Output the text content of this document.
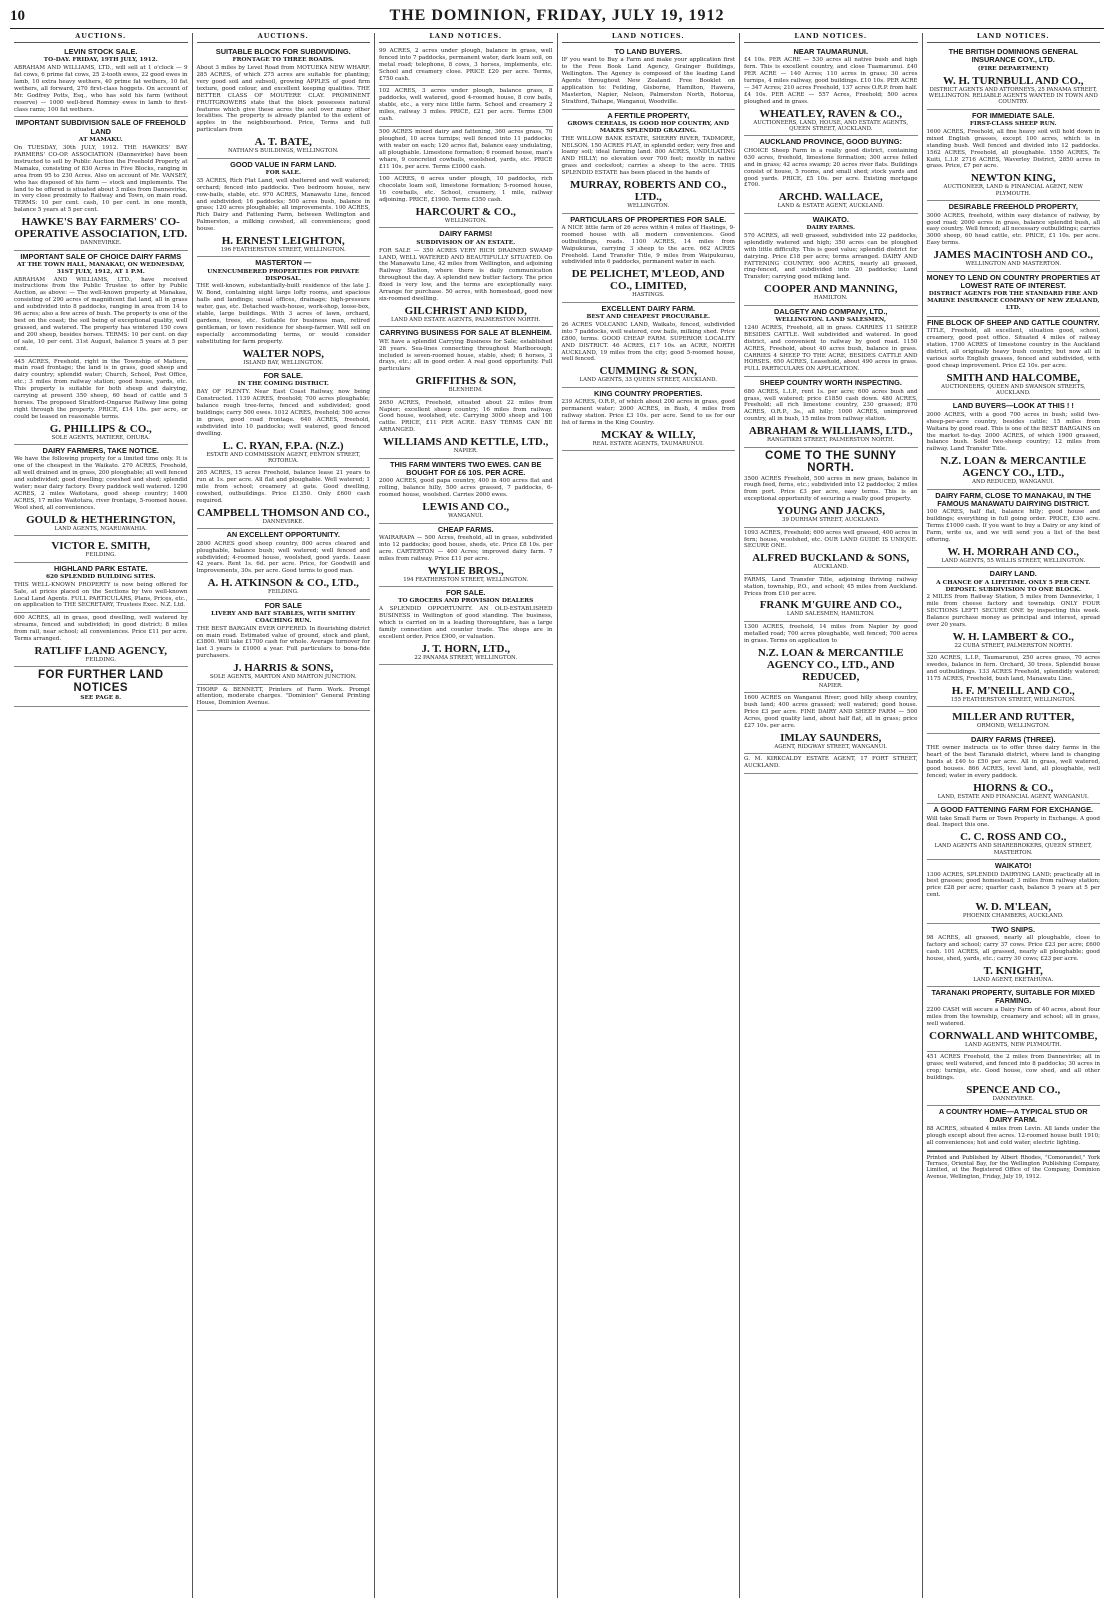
10	THE DOMINION, FRIDAY, JULY 19, 1912
AUCTIONS.
LEVIN STOCK SALE.
TO-DAY. FRIDAY, 19TH JULY, 1912.

ABRAHAM AND WILLIAMS, LTD., will sell at 1 o'clock — 9 fat cows, 6 prime fat cows, 25 2-tooth ewes, 22 good ewes in lamb, 10 extra heavy wethers, 40 prime fat wethers, 10 fat wethers, all forward, 270 first-class hoggets. On account of Mr. Godfrey Potts, Esq., who has sold his farm (without reserve) — 1000 well-bred Romney ewes in lamb to first-class rams; 100 fat wethers.

IMPORTANT SUBDIVISION SALE OF FREEHOLD LAND
AT MAMAKU.

On TUESDAY, 30th JULY, 1912. THE HAWKES' BAY FARMERS' CO-OP. ASSOCIATION (Dannevirke) have been instructed to sell by Public Auction the Freehold Property at Mamaku, consisting of 830 Acres in Five Blocks, ranging in area from 95 to 230 Acres. Also on account of Mr. VANSEY, who has disposed of his farm — stock and implements. The land to be offered is situated about 3 miles from Dannevirke, in very close proximity to Railway and Town, on main road. TERMS: 10 per cent. cash, 10 per cent. in one month, balance 5 years at 5 per cent.

HAWKE'S BAY FARMERS' CO-OPERATIVE ASSOCIATION, LTD.
DANNEVIRKE.
IMPORTANT SALE OF CHOICE DAIRY FARMS
AT THE TOWN HALL, MANAKAU, ON WEDNESDAY, 31ST JULY, 1912, AT 1 P.M.

ABRAHAM AND WILLIAMS, LTD., have received instructions from the Public Trustee to offer by Public Auction, as above: — The well-known property at Manakau, consisting of 290 acres of magnificent flat land, all in grass and subdivided into 8 paddocks, ranging in area from 14 to 96 acres; also a few acres of bush. The property is one of the best on the coast; the soil being of exceptional quality, well grassed, and watered. The property has wintered 150 cows and 200 sheep, besides horses. TERMS: 10 per cent. on day of sale, 10 per cent. 31st August, balance 5 years at 5 per cent.

445 ACRES, Freehold, right in the Township of Matiere, main road frontage; the land is in grass, good sheep and dairy country; splendid water; Church, School, Post Office, etc.; 3 miles from railway station; good house, yards, etc. This property is suitable for both sheep and dairying, carrying at present 350 sheep, 60 head of cattle and 5 horses. The proposed Stratford-Ongarue Railway line going right through the property. PRICE, £14 10s. per acre, or could be leased on reasonable terms.

G. PHILLIPS & CO.,
SOLE AGENTS, MATIERE, OHURA.
DAIRY FARMERS, TAKE NOTICE.

We have the following property for a limited time only. It is one of the cheapest in the Waikato. 270 ACRES, Freehold, all well drained and in grass, 200 ploughable; all well fenced and subdivided; good dwelling; cowshed and shed; splendid water; near dairy factory. Every paddock well watered. 1290 ACRES, 2 miles Waitotara, good sheep country; 1400 ACRES, 17 miles Waitotara, river frontage, 5-roomed house. Wool shed, all conveniences.

GOULD & HETHERINGTON,
LAND AGENTS, NGARUAWAHIA.
VICTOR E. SMITH,
FEILDING.
HIGHLAND PARK ESTATE.
620 SPLENDID BUILDING SITES.

THIS WELL-KNOWN PROPERTY is now being offered for Sale, at prices placed on the Sections by two well-known Local Land Agents. FULL PARTICULARS, Plans, Prices, etc., on application to THE SECRETARY, Trustees Exec. N.Z. Ltd.

600 ACRES, all in grass, good dwelling, well watered by streams, fenced and subdivided; in good district; 8 miles from rail, near school; all conveniences. Price £11 per acre. Terms arranged.

RATLIFF LAND AGENCY,
FEILDING.
FOR FURTHER LAND NOTICES
SEE PAGE 8.
AUCTIONS.
SUITABLE BLOCK FOR SUBDIVIDING.
FRONTAGE TO THREE ROADS.

About 3 miles by Level Road from MOTUEKA NEW WHARF. 285 ACRES, of which 275 acres are suitable for planting; very good soil and subsoil, growing APPLES of good firm texture, good colour, and excellent keeping qualities. THE BETTER CLASS OF MOUTERE CLAY. PROMINENT FRUITGROWERS state that the block possesses natural features which give these acres the soil over many other localities. The property is already planted to the extent of apples in the neighbourhood. Price, Terms and full particulars from

A. T. BATE,
NATHAN'S BUILDINGS, WELLINGTON.
GOOD VALUE IN FARM LAND.
FOR SALE.

35 ACRES, Rich Flat Land, well sheltered and well watered; orchard; fenced into paddocks. Two bedroom house, new cow-bails, stable, etc. 970 ACRES, Manawatu Line, fenced and subdivided; 16 paddocks; 500 acres bush, balance in grass; 120 acres ploughable; all improvements. 100 ACRES, Rich Dairy and Fattening Farm, between Wellington and Palmerston, a milking cowshed, all conveniences; good house.

H. ERNEST LEIGHTON,
196 FEATHERSTON STREET, WELLINGTON.
MASTERTON —
UNENCUMBERED PROPERTIES FOR PRIVATE DISPOSAL.

THE well-known, substantially-built residence of the late J. W. Bond, containing eight large lofty rooms, and spacious halls and landings; usual offices, drainage; high-pressure water, gas, etc. Detached wash-house, work-shop, loose-box, stable, large buildings. With 3 acres of lawn, orchard, gardens, trees, etc. Suitable for business man, retired gentleman, or town residence for sheep-farmer. Will sell on especially accommodating terms, or would consider substituting for farm property.

WALTER NOPS,
ISLAND BAY, WELLINGTON.
FOR SALE.
IN THE COMING DISTRICT.

BAY OF PLENTY. Near East Coast Railway, now being Constructed. 1139 ACRES, freehold; 700 acres ploughable; balance rough tree-ferns, fenced and subdivided; good buildings; carry 500 ewes. 1012 ACRES, freehold; 500 acres in grass, good road frontage. 640 ACRES, freehold, subdivided into 10 paddocks; well watered, good fenced dwelling.

L. C. RYAN, F.P.A. (N.Z.)
ESTATE AND COMMISSION AGENT, FENTON STREET, ROTORUA.

265 ACRES, 15 acres Freehold, balance lease 21 years to run at 1s. per acre. All flat and ploughable. Well watered; 1 mile from school; creamery at gate. Good dwelling, cowshed, outbuildings. Price £1350. Only £600 cash required.

CAMPBELL THOMSON AND CO.,
DANNEVIRKE.
AN EXCELLENT OPPORTUNITY.

2800 ACRES good sheep country, 800 acres cleared and ploughable, balance bush; well watered; well fenced and subdivided; 4-roomed house, woolshed, good yards. Lease 42 years. Rent 1s. 6d. per acre. Price, for Goodwill and Improvements, 30s. per acre. Good terms to good man.

A. H. ATKINSON & CO., LTD.,
FEILDING.
FOR SALE
LIVERY AND BAIT STABLES, WITH SMITHY COACHING RUN.

THE BEST BARGAIN EVER OFFERED. In flourishing district on main road. Estimated value of ground, stock and plant, £3800. Will take £1700 cash for whole. Average turnover for last 3 years is £1000 a year. Full particulars to bona-fide purchasers.

J. HARRIS & SONS,
SOLE AGENTS, MARTON AND MARTON JUNCTION.

THORP & BENNETT, Printers of Farm Work. Prompt attention, moderate charges. "Dominion" General Printing House, Dominion Avenue.

LAND NOTICES.

99 ACRES, 2 acres under plough, balance in grass, well fenced into 7 paddocks, permanent water, dark loam soil, on metal road; telephone, 8 cows, 3 horses, implements, etc. School and creamery close. PRICE £20 per acre. Terms, £750 cash.

102 ACRES, 3 acres under plough, balance grass, 8 paddocks, well watered, good 4-roomed house, 8 cow bails, stable, etc., a very nice little farm. School and creamery 2 miles, railway 3 miles. PRICE, £21 per acre. Terms £500 cash.

500 ACRES mixed dairy and fattening, 360 acres grass, 70 ploughed, 10 acres turnips; well fenced into 11 paddocks; with water on each; 120 acres flat, balance easy undulating, all ploughable. Limestone formation; 6 roomed house, man's whare, 9 concreted cowbails, woolshed, yards, etc. PRICE £11 10s. per acre. Terms £3000 cash.

100 ACRES, 6 acres under plough, 10 paddocks, rich chocolate loam soil, limestone formation; 5-roomed house, 16 cowbails, etc. School, creamery, 1 mile, railway adjoining. PRICE, £1900. Terms £350 cash.

HARCOURT & CO.,
WELLINGTON.
DAIRY FARMS!
SUBDIVISION OF AN ESTATE.

FOR SALE — 350 ACRES VERY RICH DRAINED SWAMP LAND, WELL WATERED AND BEAUTIFULLY SITUATED. On the Manawatu Line, 42 miles from Wellington, and adjoining Railway Station, where there is daily communication throughout the day. A splendid new butter factory. The price fixed is very low, and the terms are exceptionally easy. Arrange for purchase. 50 acres, with homestead, good new six-roomed dwelling.

GILCHRIST AND KIDD,
LAND AND ESTATE AGENTS, PALMERSTON NORTH.
CARRYING BUSINESS FOR SALE AT BLENHEIM.

WE have a splendid Carrying Business for Sale; established 28 years. Sea-lines connecting throughout Marlborough; included is seven-roomed house, stable, shed; 6 horses, 3 drays, etc.; all in good order. A real good opportunity. Full particulars

GRIFFITHS & SON,
BLENHEIM.

2650 ACRES, Freehold, situated about 22 miles from Napier; excellent sheep country; 16 miles from railway. Good house, woolshed, etc. Carrying 3000 sheep and 100 cattle. PRICE, £11 PER ACRE. EASY TERMS CAN BE ARRANGED.

WILLIAMS AND KETTLE, LTD.,
NAPIER.
THIS FARM WINTERS TWO EWES. CAN BE BOUGHT FOR £6 10S. PER ACRE.

2000 ACRES, good papa country, 400 in 400 acres flat and rolling, balance hilly, 500 acres grassed, 7 paddocks, 6-roomed house, woolshed. Carries 2000 ewes.

LEWIS AND CO.,
WANGANUI.
CHEAP FARMS.

WAIRARAPA — 500 Acres, freehold, all in grass, subdivided into 12 paddocks; good house, sheds, etc. Price £8 10s. per acre. CARTERTON — 400 Acres; improved dairy farm. 7 miles from railway. Price £11 per acre.

WYLIE BROS.,
194 FEATHERSTON STREET, WELLINGTON.
FOR SALE.
TO GROCERS AND PROVISION DEALERS

A SPLENDID OPPORTUNITY. AN OLD-ESTABLISHED BUSINESS in Wellington of good standing. The business, which is carried on in a leading thoroughfare, has a large family connection and counter trade. The shops are in excellent order. Price £900, or valuation.

J. T. HORN, LTD.,
22 PANAMA STREET, WELLINGTON.
LAND NOTICES.
TO LAND BUYERS.

IF you want to Buy a Farm and make your application first to the Free Book Land Agency, Grainger Buildings, Wellington. The Agency is composed of the leading Land Agents throughout New Zealand. Free Booklet on application to: Feilding, Gisborne, Hamilton, Hawera, Masterton, Napier, Nelson, Palmerston North, Rotorua, Stratford, Taihape, Wanganui, Woodville.

A FERTILE PROPERTY,
GROWS CEREALS, IS GOOD HOP COUNTRY, AND MAKES SPLENDID GRAZING.

THE WILLOW BANK ESTATE, SHERRY RIVER, TADMORE, NELSON. 150 ACRES FLAT, in splendid order; very free and loamy soil; ideal farming land. 800 ACRES, UNDULATING AND HILLY; no elevation over 700 feet; mostly in native grass and cocksfoot; carries a sheep to the acre. THIS SPLENDID ESTATE has been placed in the hands of

MURRAY, ROBERTS AND CO., LTD.,
WELLINGTON.
PARTICULARS OF PROPERTIES FOR SALE.

A NICE little farm of 26 acres within 4 miles of Hastings, 9-roomed house with all modern conveniences. Good outbuildings, roads. 1100 ACRES, 14 miles from Waipukurau, carrying 3 sheep to the acre. 662 ACRES Freehold. Land Transfer Title, 9 miles from Waipukurau, subdivided into 6 paddocks, permanent water in each.

DE PELICHET, M'LEOD, AND CO., LIMITED,
HASTINGS.
EXCELLENT DAIRY FARM.
BEST AND CHEAPEST PROCURABLE.

26 ACRES VOLCANIC LAND, Waikato, fenced, subdivided into 7 paddocks, well watered, cow bails, milking shed. Price £800, terms. GOOD CHEAP FARM. SUPERIOR LOCALITY AND DISTRICT. 46 ACRES, £17 10s. an ACRE, NORTH AUCKLAND, 19 miles from the city; good 5-roomed house, well fenced.

CUMMING & SON,
LAND AGENTS, 33 QUEEN STREET, AUCKLAND.
KING COUNTRY PROPERTIES.

239 ACRES, O.R.P., of which about 200 acres in grass, good permanent water; 2000 ACRES, in Bush, 4 miles from railway station. Price £3 10s. per acre. Send to us for our list of farms in the King Country.

MCKAY & WILLY,
REAL ESTATE AGENTS, TAUMARUNUI.
LAND NOTICES.
NEAR TAUMARUNUI.

£4 10s. PER ACRE — 530 acres all native bush and high fern. This is excellent country, and close Tuamarunui. £40 PER ACRE — 140 Acres; 110 acres in grass; 30 acres turnips, 4 miles railway, good buildings. £10 10s. PER ACRE — 347 Acres; 210 acres Freehold, 137 acres O.R.P. from half. £4 10s. PER ACRE — 557 Acres, Freehold; 500 acres ploughed and in grass.

WHEATLEY, RAVEN & CO.,
AUCTIONEERS, LAND, HOUSE, AND ESTATE AGENTS, QUEEN STREET, AUCKLAND.
AUCKLAND PROVINCE, GOOD BUYING:

CHOICE Sheep Farm in a really good district, containing 630 acres, freehold, limestone formation; 300 acres felled and in grass; 42 acres swamp; 20 acres river flats. Buildings consist of house, 5 rooms, and small shed; stock yards and good yards. PRICE, £5 10s. per acre. Existing mortgage £700.

ARCHD. WALLACE,
LAND & ESTATE AGENT, AUCKLAND.
WAIKATO.
DAIRY FARMS.

570 ACRES, all well grassed, subdivided into 22 paddocks, splendidly watered and high; 350 acres can be ploughed with little difficulty. This is good value; splendid district for dairying. Price £18 per acre; terms arranged. DAIRY AND FATTENING COUNTRY. 900 ACRES, nearly all grassed, ring-fenced, and subdivided into 20 paddocks; Land Transfer; carrying good milking land.

COOPER AND MANNING,
HAMILTON.
DALGETY AND COMPANY, LTD.,
WELLINGTON. LAND SALESMEN,

1240 ACRES, Freehold, all in grass. CARRIES 11 SHEEP. BESIDES CATTLE. Well subdivided and watered. In good district, and convenient to railway by good road. 1150 ACRES, Freehold, about 40 acres bush, balance in grass. CARRIES 4 SHEEP TO THE ACRE, BESIDES CATTLE AND HORSES. 650 ACRES, Leasehold, about 490 acres in grass. FULL PARTICULARS ON APPLICATION.

SHEEP COUNTRY WORTH INSPECTING.

680 ACRES, L.I.P., rent 1s. per acre; 600 acres bush and grass, well watered; price £1850 cash down. 480 ACRES, Freehold; all rich limestone country, 230 grassed; 870 ACRES, O.R.P., 3s., all hilly; 1000 ACRES, unimproved country, all in bush, 15 miles from railway station.

ABRAHAM & WILLIAMS, LTD.,
RANGITIKEI STREET, PALMERSTON NORTH.
COME TO THE SUNNY NORTH.

3500 ACRES Freehold, 500 acres in new grass, balance in rough feed, ferns, etc.; subdivided into 12 paddocks; 2 miles from port. Price £3 per acre, easy terms. This is an exceptional opportunity of securing a really good property.

YOUNG AND JACKS,
39 DURHAM STREET, AUCKLAND.

1093 ACRES, Freehold; 600 acres well grassed, 400 acres in fern; house, woolshed, etc. OUR LAND GUIDE IS UNIQUE. SECURE ONE.

ALFRED BUCKLAND & SONS,
AUCKLAND.

FARMS, Land Transfer Title, adjoining thriving railway station, township, P.O., and school; 45 miles from Auckland. Prices from £10 per acre.

FRANK M'GUIRE AND CO.,
LAND SALESMEN, HAMILTON.

1300 ACRES, freehold, 14 miles from Napier by good metalled road; 700 acres ploughable, well fenced; 700 acres in grass. Terms on application to

N.Z. LOAN & MERCANTILE AGENCY CO., LTD., AND REDUCED,
NAPIER.

1600 ACRES on Wanganui River; good hilly sheep country, bush land; 400 acres grassed; well watered; good house. Price £3 per acre. FINE DAIRY AND SHEEP FARM — 500 Acres, good quality land, about half flat, all in grass; price £27 10s. per acre.

IMLAY SAUNDERS,
AGENT, RIDGWAY STREET, WANGANUI.

G. M. KIRKCALDY ESTATE AGENT, 17 FORT STREET, AUCKLAND.

LAND NOTICES.
THE BRITISH DOMINIONS GENERAL INSURANCE COY., LTD.
(FIRE DEPARTMENT)
W. H. TURNBULL AND CO.,
DISTRICT AGENTS AND ATTORNEYS, 25 PANAMA STREET, WELLINGTON. RELIABLE AGENTS WANTED IN TOWN AND COUNTRY.
FOR IMMEDIATE SALE.
FIRST-CLASS SHEEP RUN.

1600 ACRES, Freehold, all fine heavy soil will hold down in mixed English grasses, except 100 acres, which is in standing bush. Well fenced and divided into 12 paddocks. 1562 ACRES, Freehold, all ploughable. 1550 ACRES, Te Kuiti, L.I.P. 2716 ACRES, Waverley District, 2850 acres in grass. Price, £7 per acre.

NEWTON KING,
AUCTIONEER, LAND & FINANCIAL AGENT, NEW PLYMOUTH.
DESIRABLE FREEHOLD PROPERTY,

3000 ACRES, freehold, within easy distance of railway, by good road; 2000 acres in grass, balance splendid bush, all easy country. Well fenced; all necessary outbuildings; carries 3000 sheep, 60 head cattle, etc. PRICE, £1 10s. per acre. Easy terms.

JAMES MACINTOSH AND CO.,
WELLINGTON AND MASTERTON.
MONEY TO LEND ON COUNTRY PROPERTIES AT LOWEST RATE OF INTEREST.
DISTRICT AGENTS FOR THE STANDARD FIRE AND MARINE INSURANCE COMPANY OF NEW ZEALAND, LTD.
FINE BLOCK OF SHEEP AND CATTLE COUNTRY.

TITLE, Freehold, all excellent, situation good, school, creamery, good post office. Situated 4 miles of railway station. 1700 ACRES of limestone country in the Auckland district, all originally heavy bush country, but now all in various sorts English grasses, fenced and subdivided, with good cheap improvement. Price £2 10s. per acre.

SMITH AND HALCOMBE,
AUCTIONEERS, QUEEN AND SWANSON STREETS, AUCKLAND.
LAND BUYERS—LOOK AT THIS ! !

2000 ACRES, with a good 700 acres in bush; solid two-sheep-per-acre country, besides cattle; 15 miles from Waitara by good road. This is one of the BEST BARGAINS on the market to-day. 2000 ACRES, of which 1900 grassed, balance bush. Solid two-sheep country; 12 miles from railway. Land Transfer Title.

N.Z. LOAN & MERCANTILE AGENCY CO., LTD.,
AND REDUCED, WANGANUI.
DAIRY FARM, CLOSE TO MANAKAU, IN THE FAMOUS MANAWATU DAIRYING DISTRICT.

100 ACRES, half flat, balance hilly; good house and buildings; everything in full going order. PRICE, £30 acre. Terms £1000 cash. If you want to buy a Dairy or any kind of Farm, write us, and we will send you a list of the best offering.

W. H. MORRAH AND CO.,
LAND AGENTS, 55 WILLIS STREET, WELLINGTON.
DAIRY LAND.
A CHANCE OF A LIFETIME. ONLY 5 PER CENT. DEPOSIT. SUBDIVISION TO ONE BLOCK.

2 MILES from Railway Station, 5 miles from Dannevirke, 1 mile from cheese factory and township. ONLY FOUR SECTIONS LEFT! SECURE ONE by inspecting this week. Balance purchase money as principal and interest, spread over 20 years.

W. H. LAMBERT & CO.,
22 CUBA STREET, PALMERSTON NORTH.

320 ACRES, L.I.P., Taumarunui, 250 acres grass, 70 acres swedes, balance in fern. Orchard, 30 trees. Splendid house and outbuildings. 133 ACRES Freehold, splendidly watered; 1175 ACRES, Freehold, bush land, Manawatu Line.

H. F. M'NEILL AND CO.,
155 FEATHERSTON STREET, WELLINGTON.
MILLER AND RUTTER,
ORMOND, WELLINGTON.
DAIRY FARMS (THREE).

THE owner instructs us to offer three dairy farms in the heart of the best Taranaki district, where land is changing hands at £40 to £50 per acre. All in grass, well watered, good houses. 866 ACRES, level land, all ploughable, well fenced; water in every paddock.

HIORNS & CO.,
LAND, ESTATE AND FINANCIAL AGENT, WANGANUI.
A GOOD FATTENING FARM FOR EXCHANGE.

Will take Small Farm or Town Property in Exchange. A good deal. Inspect this one.

C. C. ROSS AND CO.,
LAND AGENTS AND SHAREBROKERS, QUEEN STREET, MASTERTON.
WAIKATO!

1300 ACRES, SPLENDID DAIRYING LAND; practically all in best grasses; good homestead; 3 miles from railway station; price £28 per acre; quarter cash, balance 5 years at 5 per cent.

W. D. M'LEAN,
PHOENIX CHAMBERS, AUCKLAND.
TWO SNIPS.

98 ACRES, all grassed, nearly all ploughable, close to factory and school; carry 37 cows. Price £23 per acre; £600 cash. 101 ACRES, all grassed, nearly all ploughable; good house, shed, yards, etc.; carry 30 cows; £23 per acre.

T. KNIGHT,
LAND AGENT, EKETAHUNA.
TARANAKI PROPERTY, SUITABLE FOR MIXED FARMING.

2200 CASH will secure a Dairy Farm of 40 acres, about four miles from the township, creamery and school; all in grass, well watered.

CORNWALL AND WHITCOMBE,
LAND AGENTS, NEW PLYMOUTH.

451 ACRES Freehold, the 2 miles from Dannevirke; all in grass; well watered, and fenced into 8 paddocks; 30 acres in crop; turnips, etc. Good house, cow shed, and all other buildings.

SPENCE AND CO.,
DANNEVIRKE.
A COUNTRY HOME—A TYPICAL STUD OR DAIRY FARM.

88 ACRES, situated 4 miles from Levin. All lands under the plough except about five acres. 12-roomed house built 1910; all conveniences; hot and cold water, electric lighting.

Printed and Published by Albert Rhodes, "Comorandel," York Terrace, Oriental Bay, for the Wellington Publishing Company, Limited, at the Registered Office of the Company, Dominion Avenue, Wellington, Friday, July 19, 1912.
